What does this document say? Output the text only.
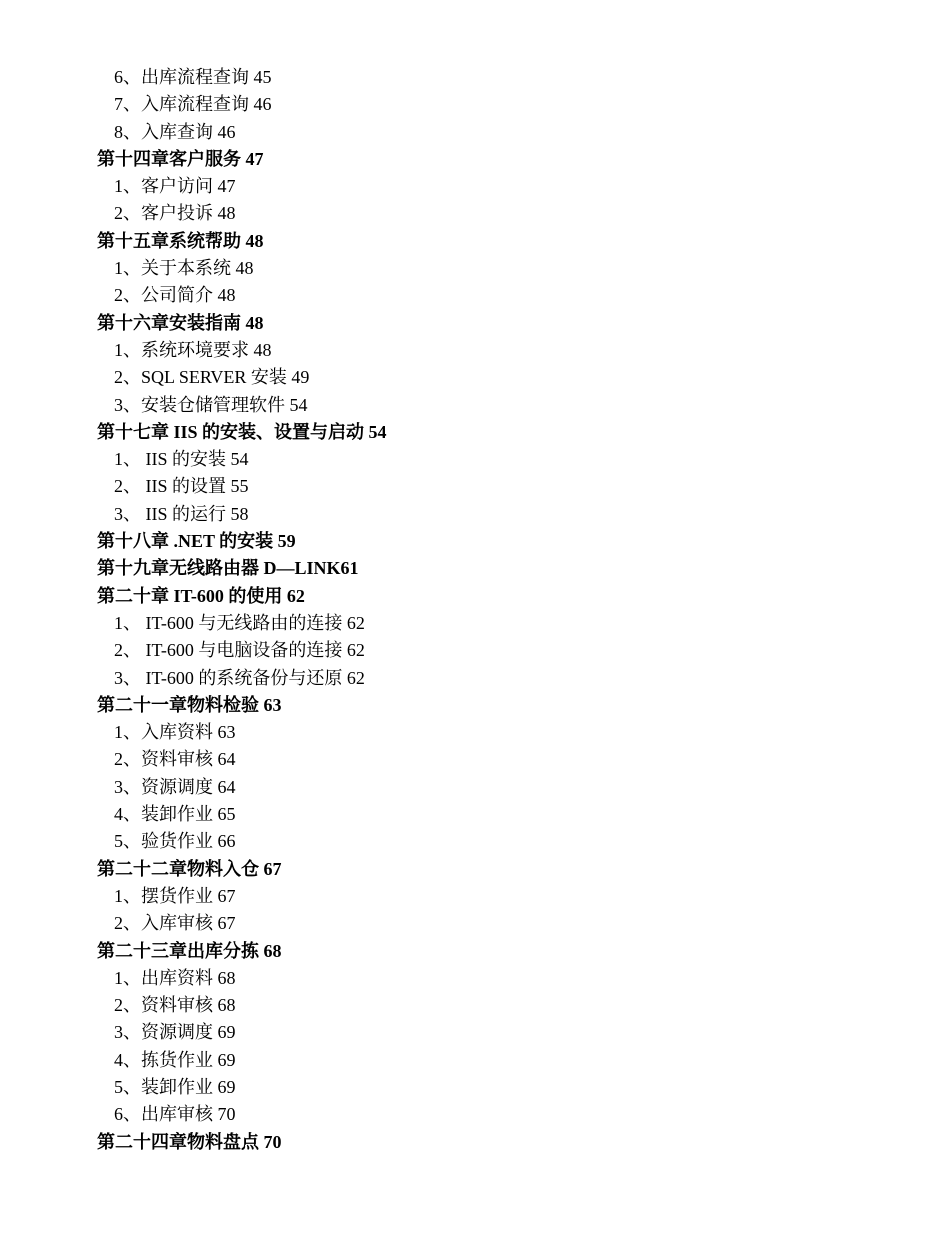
6、出库流程查询 45
7、入库流程查询 46
8、入库查询 46
第十四章客户服务 47
1、客户访问 47
2、客户投诉 48
第十五章系统帮助 48
1、关于本系统 48
2、公司简介 48
第十六章安装指南 48
1、系统环境要求 48
2、SQL SERVER 安装 49
3、安装仓储管理软件 54
第十七章 IIS 的安装、设置与启动 54
1、 IIS 的安装 54
2、 IIS 的设置 55
3、 IIS 的运行 58
第十八章 .NET 的安装 59
第十九章无线路由器 D—LINK61
第二十章 IT-600 的使用 62
1、 IT-600 与无线路由的连接 62
2、 IT-600 与电脑设备的连接 62
3、 IT-600 的系统备份与还原 62
第二十一章物料检验 63
1、入库资料 63
2、资料审核 64
3、资源调度 64
4、装卸作业 65
5、验货作业 66
第二十二章物料入仓 67
1、摆货作业 67
2、入库审核 67
第二十三章出库分拣 68
1、出库资料 68
2、资料审核 68
3、资源调度 69
4、拣货作业 69
5、装卸作业 69
6、出库审核 70
第二十四章物料盘点 70
